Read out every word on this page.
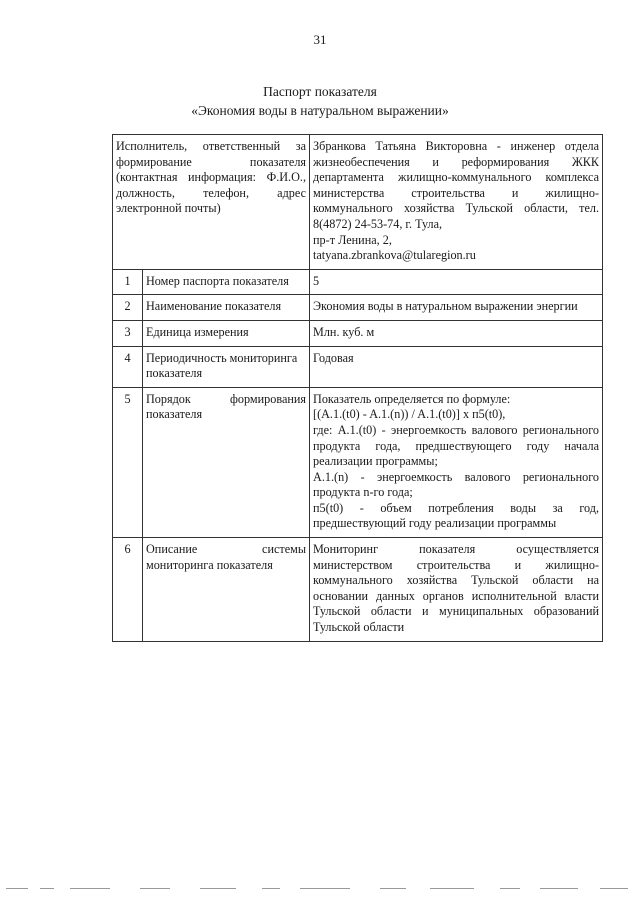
31
Паспорт показателя
«Экономия воды в натуральном выражении»
Исполнитель, ответственный за формирование показателя (контактная информация: Ф.И.О., должность, телефон, адрес электронной почты)		Збранкова Татьяна Викторовна - инженер отдела жизнеобеспечения и реформирования ЖКК департамента жилищно-коммунального комплекса министерства строительства и жилищно-коммунального хозяйства Тульской области, тел. 8(4872) 24-53-74, г. Тула,
пр-т Ленина, 2,
tatyana.zbrankova@tularegion.ru

1	Номер паспорта показателя	5
2	Наименование показателя	Экономия воды в натуральном выражении энергии
3	Единица измерения	Млн. куб. м
4	Периодичность мониторинга показателя	Годовая
5	Порядок формирования показателя	Показатель определяется по формуле:
[(A.1.(t0) - A.1.(n)) / A.1.(t0)] x п5(t0),
где: A.1.(t0) - энергоемкость валового регионального продукта года, предшествующего году начала реализации программы;
A.1.(n) - энергоемкость валового регионального продукта n-го года;
п5(t0) - объем потребления воды за год, предшествующий году реализации программы

6	Описание системы мониторинга показателя	Мониторинг показателя осуществляется министерством строительства и жилищно-коммунального хозяйства Тульской области на основании данных органов исполнительной власти Тульской области и муниципальных образований Тульской области
